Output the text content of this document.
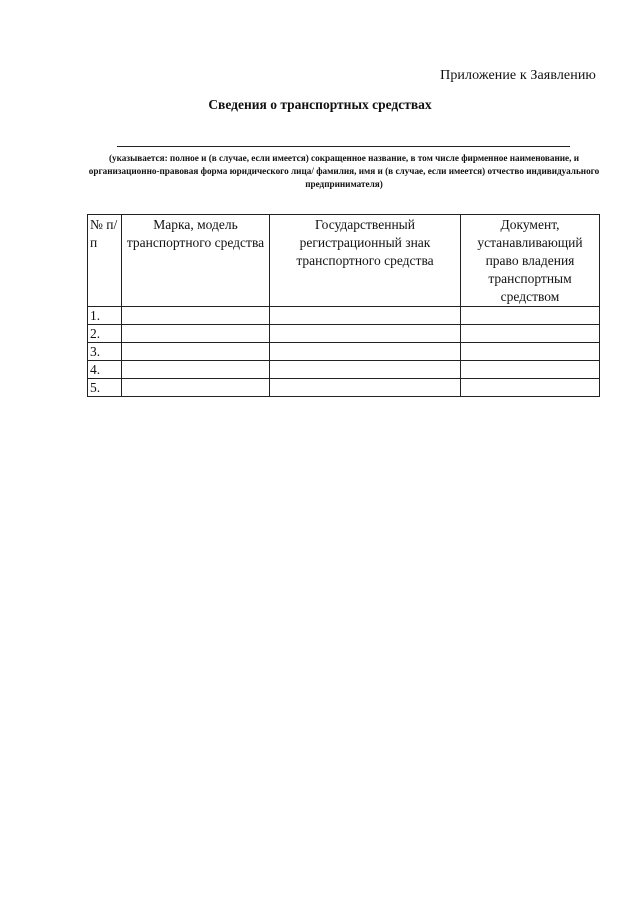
Приложение к Заявлению
Сведения о транспортных средствах
(указывается: полное и (в случае, если имеется) сокращенное название, в том числе фирменное наименование, и организационно-правовая форма юридического лица/ фамилия, имя и (в случае, если имеется) отчество индивидуального предпринимателя)
№ п/п	Марка, модель транспортного средства	Государственный регистрационный знак транспортного средства	Документ, устанавливающий право владения транспортным средством
1.			
2.			
3.			
4.			
5.			
